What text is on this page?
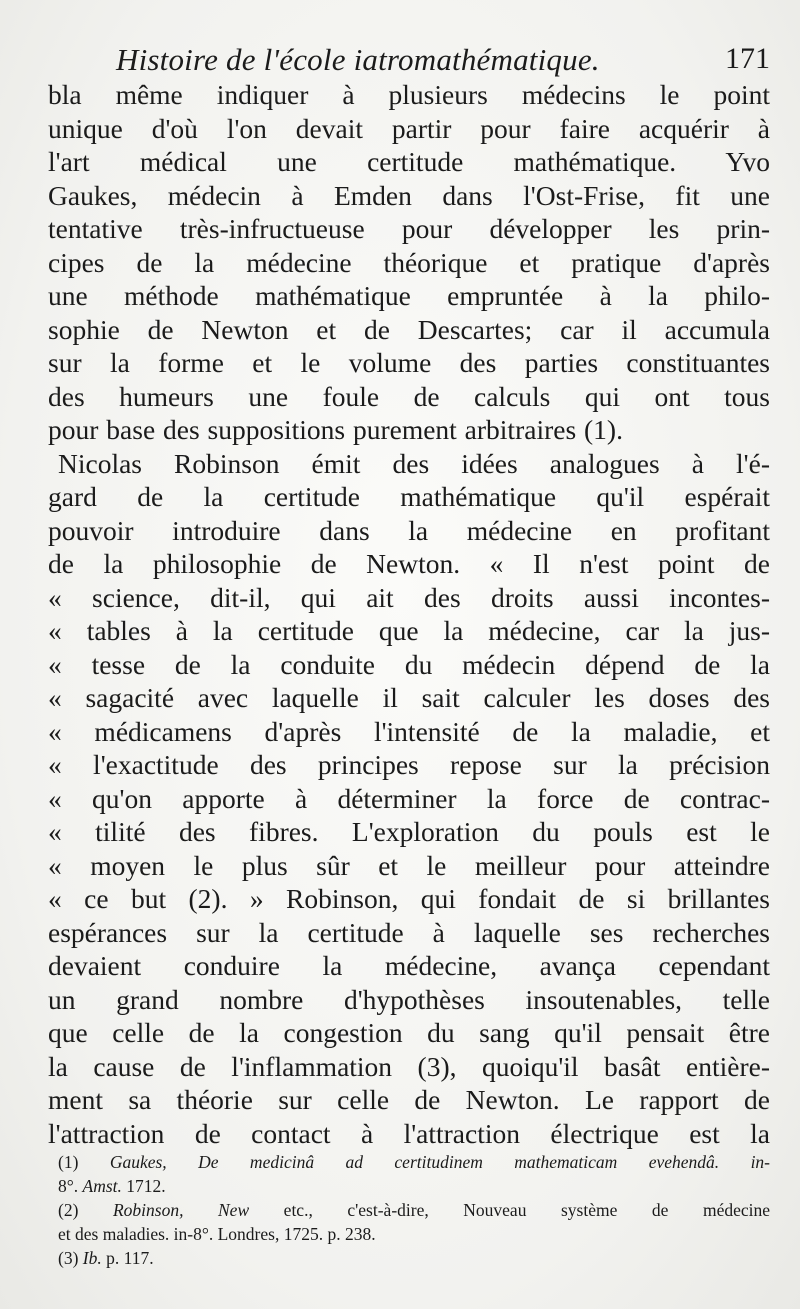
Histoire de l'école iatromathématique.	171
bla même indiquer à plusieurs médecins le point
unique d'où l'on devait partir pour faire acquérir à
l'art médical une certitude mathématique. Yvo
Gaukes, médecin à Emden dans l'Ost-Frise, fit une
tentative très-infructueuse pour développer les prin-
cipes de la médecine théorique et pratique d'après
une méthode mathématique empruntée à la philo-
sophie de Newton et de Descartes; car il accumula
sur la forme et le volume des parties constituantes
des humeurs une foule de calculs qui ont tous
pour base des suppositions purement arbitraires (1).
Nicolas Robinson émit des idées analogues à l'é-
gard de la certitude mathématique qu'il espérait
pouvoir introduire dans la médecine en profitant
de la philosophie de Newton. « Il n'est point de
« science, dit-il, qui ait des droits aussi incontes-
« tables à la certitude que la médecine, car la jus-
« tesse de la conduite du médecin dépend de la
« sagacité avec laquelle il sait calculer les doses des
« médicamens d'après l'intensité de la maladie, et
« l'exactitude des principes repose sur la précision
« qu'on apporte à déterminer la force de contrac-
« tilité des fibres. L'exploration du pouls est le
« moyen le plus sûr et le meilleur pour atteindre
« ce but (2). » Robinson, qui fondait de si brillantes
espérances sur la certitude à laquelle ses recherches
devaient conduire la médecine, avança cependant
un grand nombre d'hypothèses insoutenables, telle
que celle de la congestion du sang qu'il pensait être
la cause de l'inflammation (3), quoiqu'il basât entière-
ment sa théorie sur celle de Newton. Le rapport de
l'attraction de contact à l'attraction électrique est la
(1) Gaukes, De medicinâ ad certitudinem mathematicam evehendâ. in-
8°. Amst. 1712.
(2) Robinson, New etc., c'est-à-dire, Nouveau système de médecine
et des maladies. in-8°. Londres, 1725. p. 238.
(3) Ib. p. 117.
